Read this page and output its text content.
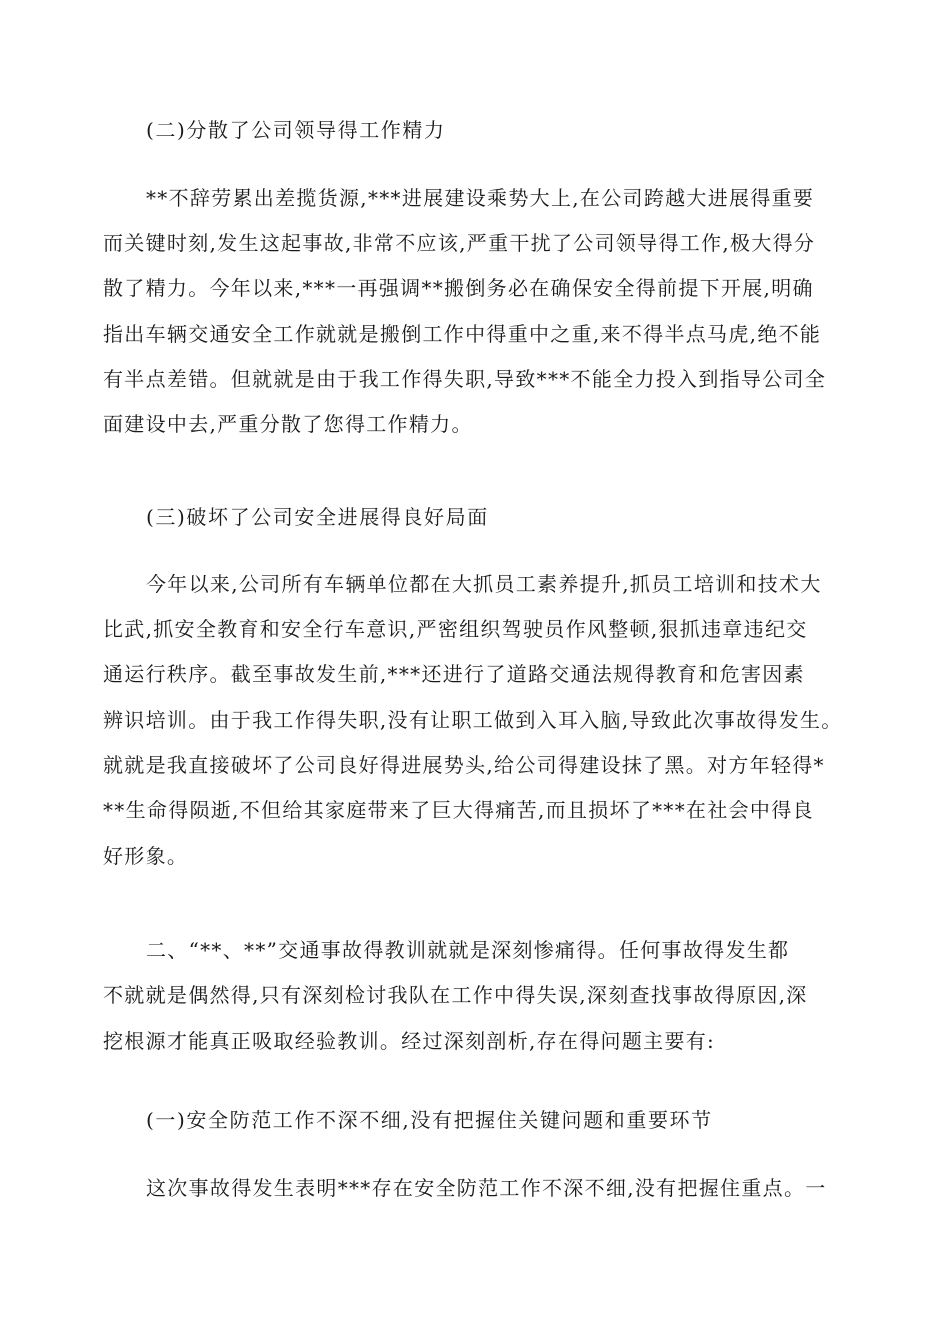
(二)分散了公司领导得工作精力

**不辞劳累出差揽货源,***进展建设乘势大上,在公司跨越大进展得重要

而关键时刻,发生这起事故,非常不应该,严重干扰了公司领导得工作,极大得分

散了精力。今年以来,***一再强调**搬倒务必在确保安全得前提下开展,明确

指出车辆交通安全工作就就是搬倒工作中得重中之重,来不得半点马虎,绝不能

有半点差错。但就就是由于我工作得失职,导致***不能全力投入到指导公司全

面建设中去,严重分散了您得工作精力。

(三)破坏了公司安全进展得良好局面

今年以来,公司所有车辆单位都在大抓员工素养提升,抓员工培训和技术大

比武,抓安全教育和安全行车意识,严密组织驾驶员作风整顿,狠抓违章违纪交

通运行秩序。截至事故发生前,***还进行了道路交通法规得教育和危害因素

辨识培训。由于我工作得失职,没有让职工做到入耳入脑,导致此次事故得发生。

就就是我直接破坏了公司良好得进展势头,给公司得建设抹了黑。对方年轻得*

**生命得陨逝,不但给其家庭带来了巨大得痛苦,而且损坏了***在社会中得良

好形象。

二、“**、**”交通事故得教训就就是深刻惨痛得。任何事故得发生都

不就就是偶然得,只有深刻检讨我队在工作中得失误,深刻查找事故得原因,深

挖根源才能真正吸取经验教训。经过深刻剖析,存在得问题主要有:

(一)安全防范工作不深不细,没有把握住关键问题和重要环节

这次事故得发生表明***存在安全防范工作不深不细,没有把握住重点。一
